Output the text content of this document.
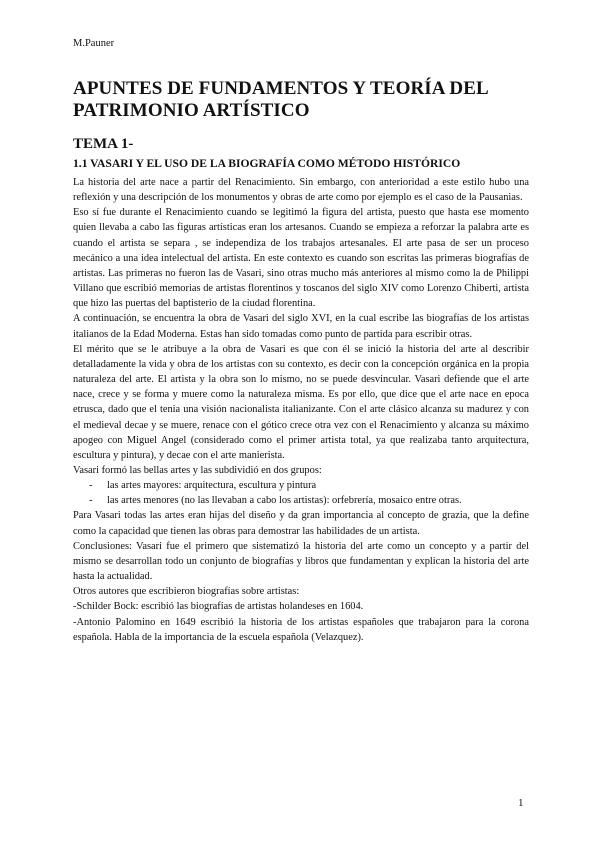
M.Pauner
APUNTES DE FUNDAMENTOS Y TEORÍA DEL PATRIMONIO ARTÍSTICO
TEMA 1-
1.1 VASARI Y EL USO DE LA BIOGRAFÍA COMO MÉTODO HISTÓRICO

La historia del arte nace a partir del Renacimiento. Sin embargo, con anterioridad a este estilo hubo una reflexión y una descripción de los monumentos y obras de arte como por ejemplo es el caso de la Pausanias.

Eso sí fue durante el Renacimiento cuando se legitimó la figura del artista, puesto que hasta ese momento quien llevaba a cabo las figuras artísticas eran los artesanos. Cuando se empieza a reforzar la palabra arte es cuando el artista se separa , se independiza de los trabajos artesanales. El arte pasa de ser un proceso mecánico a una idea intelectual del artista. En este contexto es cuando son escritas las primeras biografías de artistas. Las primeras no fueron las de Vasari, sino otras mucho más anteriores al mismo como la de Philippi Villano que escribió memorias de artistas florentinos y toscanos del siglo XIV como Lorenzo Chiberti, artista que hizo las puertas del baptisterio de la ciudad florentina.

A continuación, se encuentra la obra de Vasari del siglo XVI, en la cual escribe las biografías de los artistas italianos de la Edad Moderna. Estas han sido tomadas como punto de partida para escribir otras.

El mérito que se le atribuye a la obra de Vasari es que con él se inició la historia del arte al describir detalladamente la vida y obra de los artistas con su contexto, es decir con la concepción orgánica en la propia naturaleza del arte. El artista y la obra son lo mismo, no se puede desvincular. Vasari defiende que el arte nace, crece y se forma y muere como la naturaleza misma. Es por ello, que dice que el arte nace en epoca etrusca, dado que el tenia una visión nacionalista italianizante. Con el arte clásico alcanza su madurez y con el medieval decae y se muere, renace con el gótico crece otra vez con el Renacimiento y alcanza su máximo apogeo con Miguel Angel (considerado como el primer artista total, ya que realizaba tanto arquitectura, escultura y pintura), y decae con el arte manierista.

Vasari formó las bellas artes y las subdividió en dos grupos:

- las artes mayores: arquitectura, escultura y pintura
- las artes menores (no las llevaban a cabo los artistas): orfebrería, mosaico entre otras.

Para Vasari todas las artes eran hijas del diseño y da gran importancia al concepto de grazia, que la define como la capacidad que tienen las obras para demostrar las habilidades de un artista.

Conclusiones: Vasari fue el primero que sistematizó la historia del arte como un concepto y a partir del mismo se desarrollan todo un conjunto de biografías y libros que fundamentan y explican la historia del arte hasta la actualidad.

Otros autores que escribieron biografías sobre artistas:

-Schilder Bock: escribió las biografías de artistas holandeses en 1604.

-Antonio Palomino en 1649 escribió la historia de los artistas españoles que trabajaron para la corona española. Habla de la importancia de la escuela española (Velazquez).

1
